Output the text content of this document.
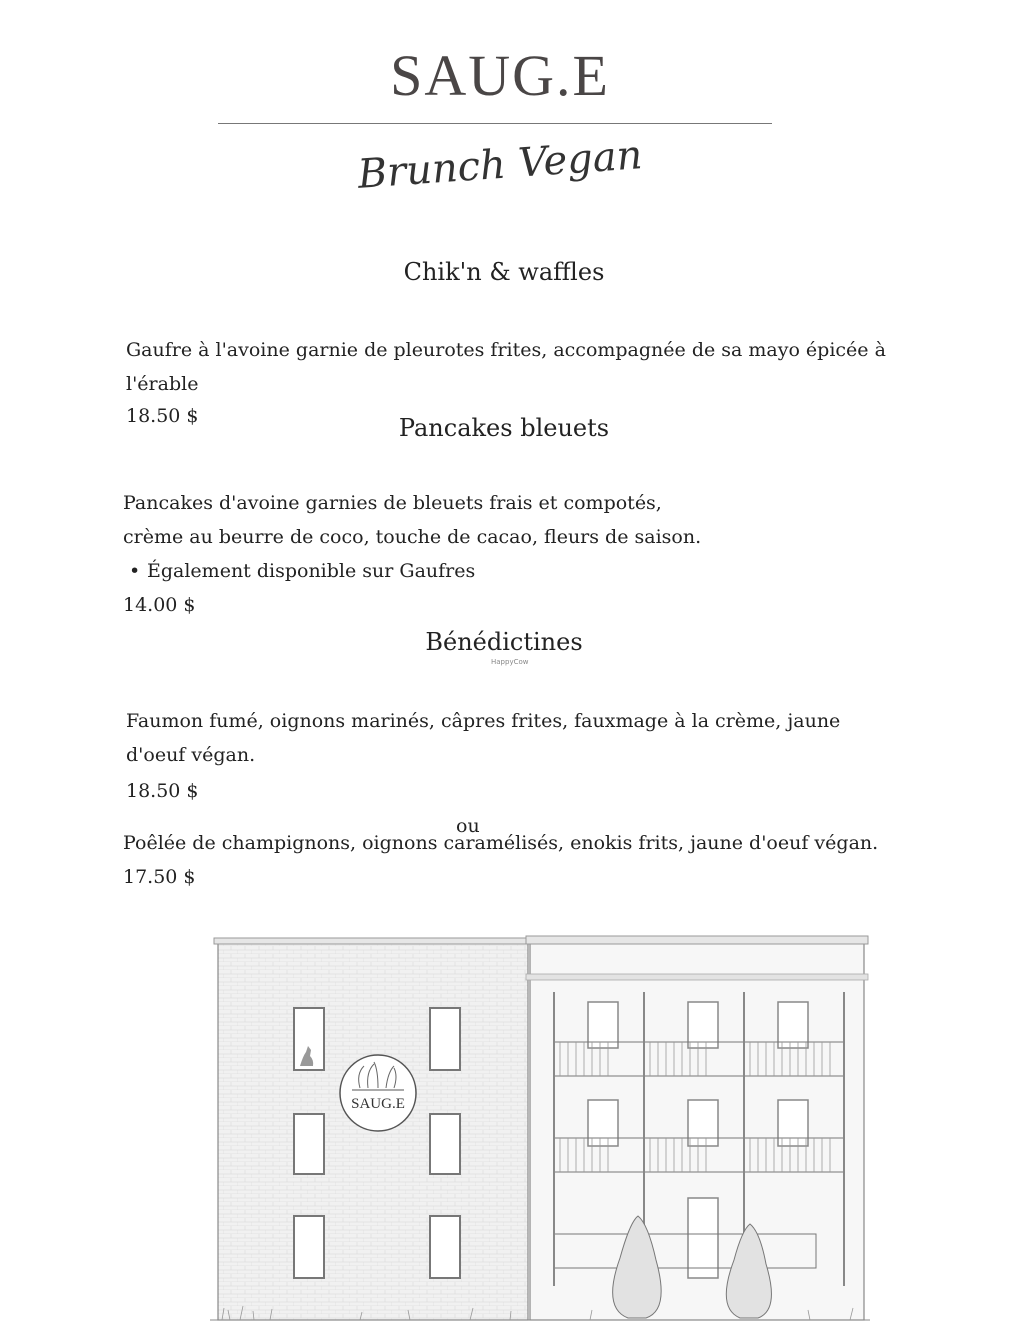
SAUG.E
Brunch Vegan
Chik'n & waffles
Gaufre à l'avoine garnie de pleurotes frites, accompagnée de sa mayo épicée à
l'érable
18.50 $	Pancakes bleuets
Pancakes d'avoine garnies de bleuets frais et compotés,
crème au beurre de coco, touche de cacao, fleurs de saison.
• Également disponible sur Gaufres
14.00 $
Bénédictines
HappyCow
Faumon fumé, oignons marinés, câpres frites, fauxmage à la crème, jaune
d'oeuf végan.
18.50 $
ou
Poêlée de champignons, oignons caramélisés, enokis frits, jaune d'oeuf végan.
17.50 $
SAUG.E
